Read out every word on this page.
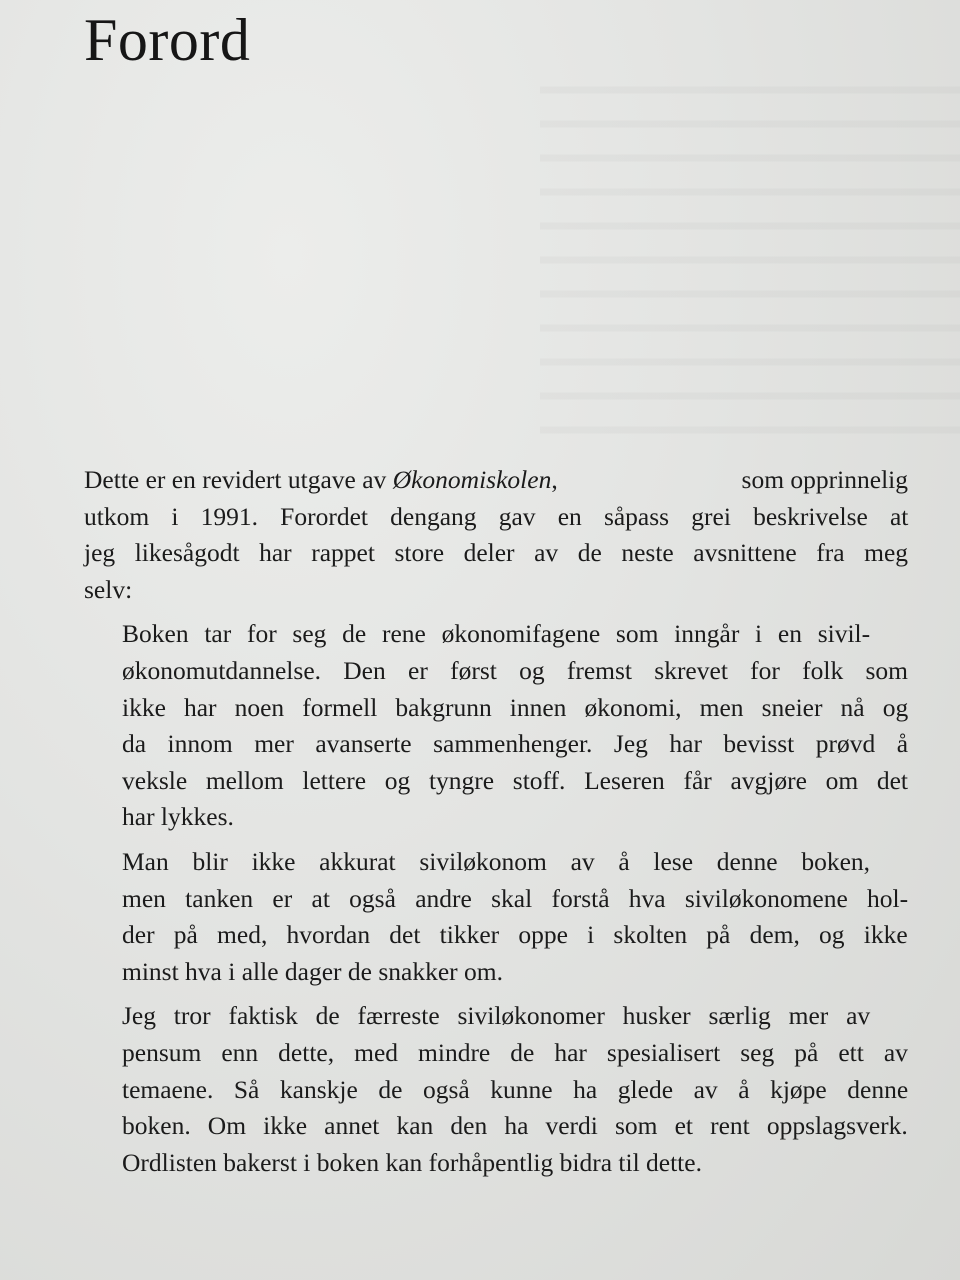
Forord

Dette er en revidert utgave av Økonomiskolen,	som opprinnelig
utkom i 1991. Forordet dengang gav en såpass grei beskrivelse at
jeg likesågodt har rappet store deler av de neste avsnittene fra meg
selv:

Boken tar for seg de rene økonomifagene som inngår i en sivil-
økonomutdannelse. Den er først og fremst skrevet for folk som
ikke har noen formell bakgrunn innen økonomi, men sneier nå og
da innom mer avanserte sammenhenger. Jeg har bevisst prøvd å
veksle mellom lettere og tyngre stoff. Leseren får avgjøre om det
har lykkes.

Man blir ikke akkurat siviløkonom av å lese denne boken,
men tanken er at også andre skal forstå hva siviløkonomene hol-
der på med, hvordan det tikker oppe i skolten på dem, og ikke
minst hva i alle dager de snakker om.

Jeg tror faktisk de færreste siviløkonomer husker særlig mer av
pensum enn dette, med mindre de har spesialisert seg på ett av
temaene. Så kanskje de også kunne ha glede av å kjøpe denne
boken. Om ikke annet kan den ha verdi som et rent oppslagsverk.
Ordlisten bakerst i boken kan forhåpentlig bidra til dette.
